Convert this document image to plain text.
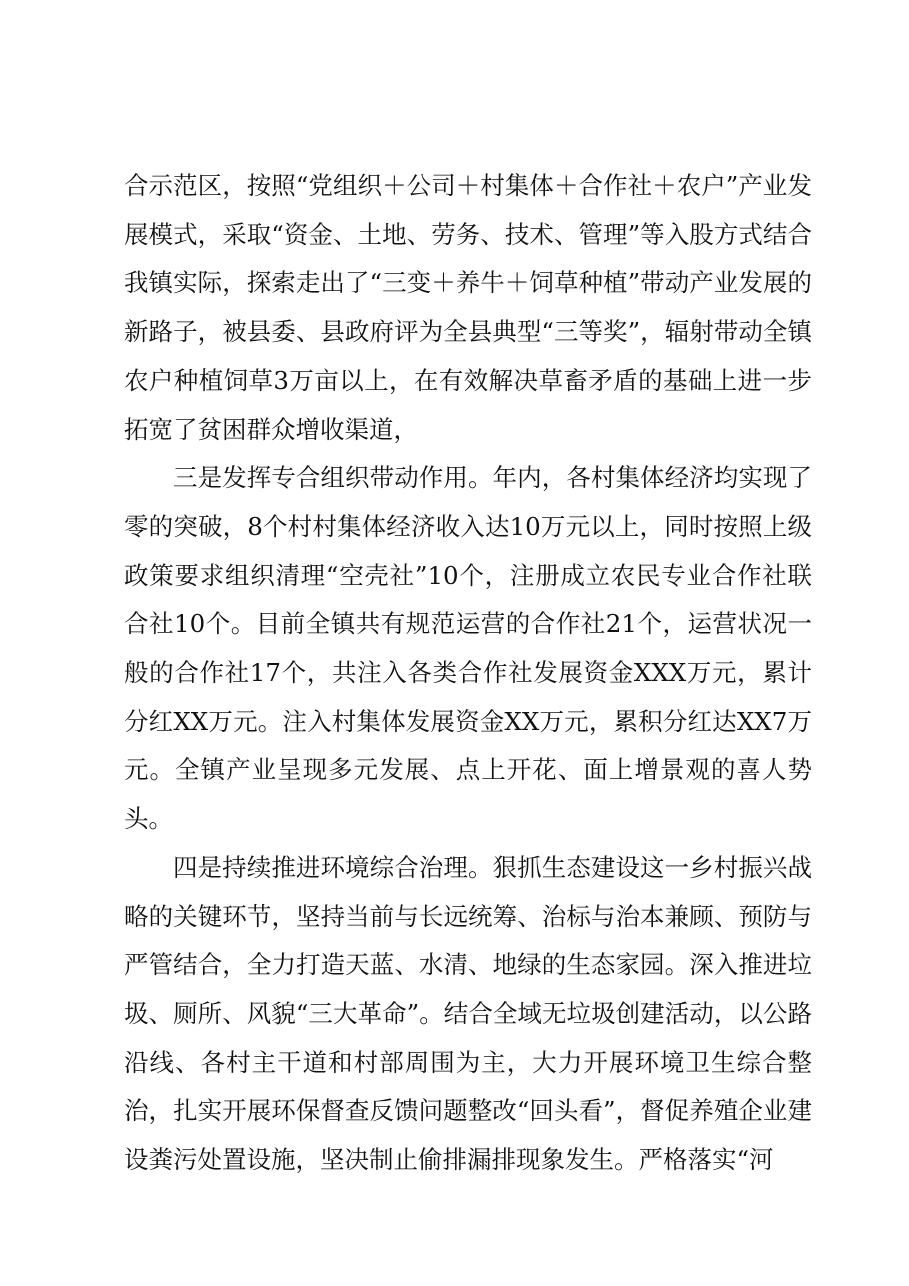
合示范区，按照“党组织＋公司＋村集体＋合作社＋农户”产业发展模式，采取“资金、土地、劳务、技术、管理”等入股方式结合我镇实际，探索走出了“三变＋养牛＋饲草种植”带动产业发展的新路子，被县委、县政府评为全县典型“三等奖”，辐射带动全镇农户种植饲草3万亩以上，在有效解决草畜矛盾的基础上进一步拓宽了贫困群众增收渠道，

三是发挥专合组织带动作用。年内，各村集体经济均实现了零的突破，8个村村集体经济收入达10万元以上，同时按照上级政策要求组织清理“空壳社”10个，注册成立农民专业合作社联合社10个。目前全镇共有规范运营的合作社21个，运营状况一般的合作社17个，共注入各类合作社发展资金XXX万元，累计分红XX万元。注入村集体发展资金XX万元，累积分红达XX7万元。全镇产业呈现多元发展、点上开花、面上增景观的喜人势头。

四是持续推进环境综合治理。狠抓生态建设这一乡村振兴战略的关键环节，坚持当前与长远统筹、治标与治本兼顾、预防与严管结合，全力打造天蓝、水清、地绿的生态家园。深入推进垃圾、厕所、风貌“三大革命”。结合全域无垃圾创建活动，以公路沿线、各村主干道和村部周围为主，大力开展环境卫生综合整治，扎实开展环保督查反馈问题整改“回头看”，督促养殖企业建设粪污处置设施，坚决制止偷排漏排现象发生。严格落实“河
